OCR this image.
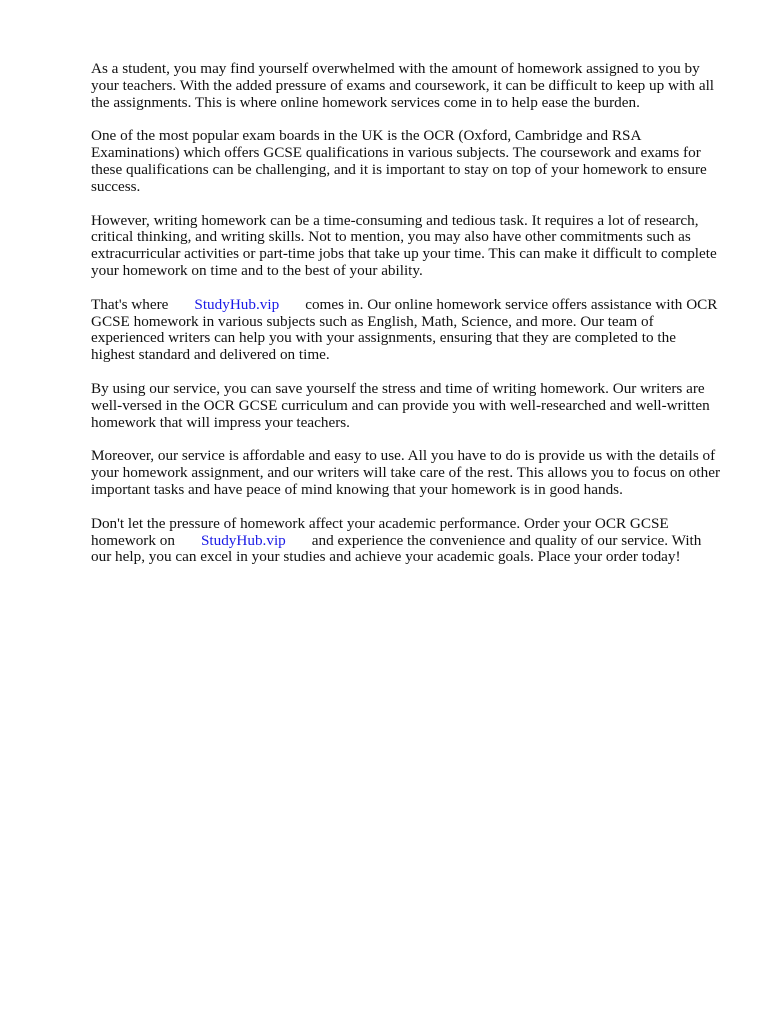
As a student, you may find yourself overwhelmed with the amount of homework assigned to you by your teachers. With the added pressure of exams and coursework, it can be difficult to keep up with all the assignments. This is where online homework services come in to help ease the burden.

One of the most popular exam boards in the UK is the OCR (Oxford, Cambridge and RSA Examinations) which offers GCSE qualifications in various subjects. The coursework and exams for these qualifications can be challenging, and it is important to stay on top of your homework to ensure success.

However, writing homework can be a time-consuming and tedious task. It requires a lot of research, critical thinking, and writing skills. Not to mention, you may also have other commitments such as extracurricular activities or part-time jobs that take up your time. This can make it difficult to complete your homework on time and to the best of your ability.

That's where StudyHub.vip comes in. Our online homework service offers assistance with OCR GCSE homework in various subjects such as English, Math, Science, and more. Our team of experienced writers can help you with your assignments, ensuring that they are completed to the highest standard and delivered on time.

By using our service, you can save yourself the stress and time of writing homework. Our writers are well-versed in the OCR GCSE curriculum and can provide you with well-researched and well-written homework that will impress your teachers.

Moreover, our service is affordable and easy to use. All you have to do is provide us with the details of your homework assignment, and our writers will take care of the rest. This allows you to focus on other important tasks and have peace of mind knowing that your homework is in good hands.

Don't let the pressure of homework affect your academic performance. Order your OCR GCSE homework on StudyHub.vip and experience the convenience and quality of our service. With our help, you can excel in your studies and achieve your academic goals. Place your order today!
